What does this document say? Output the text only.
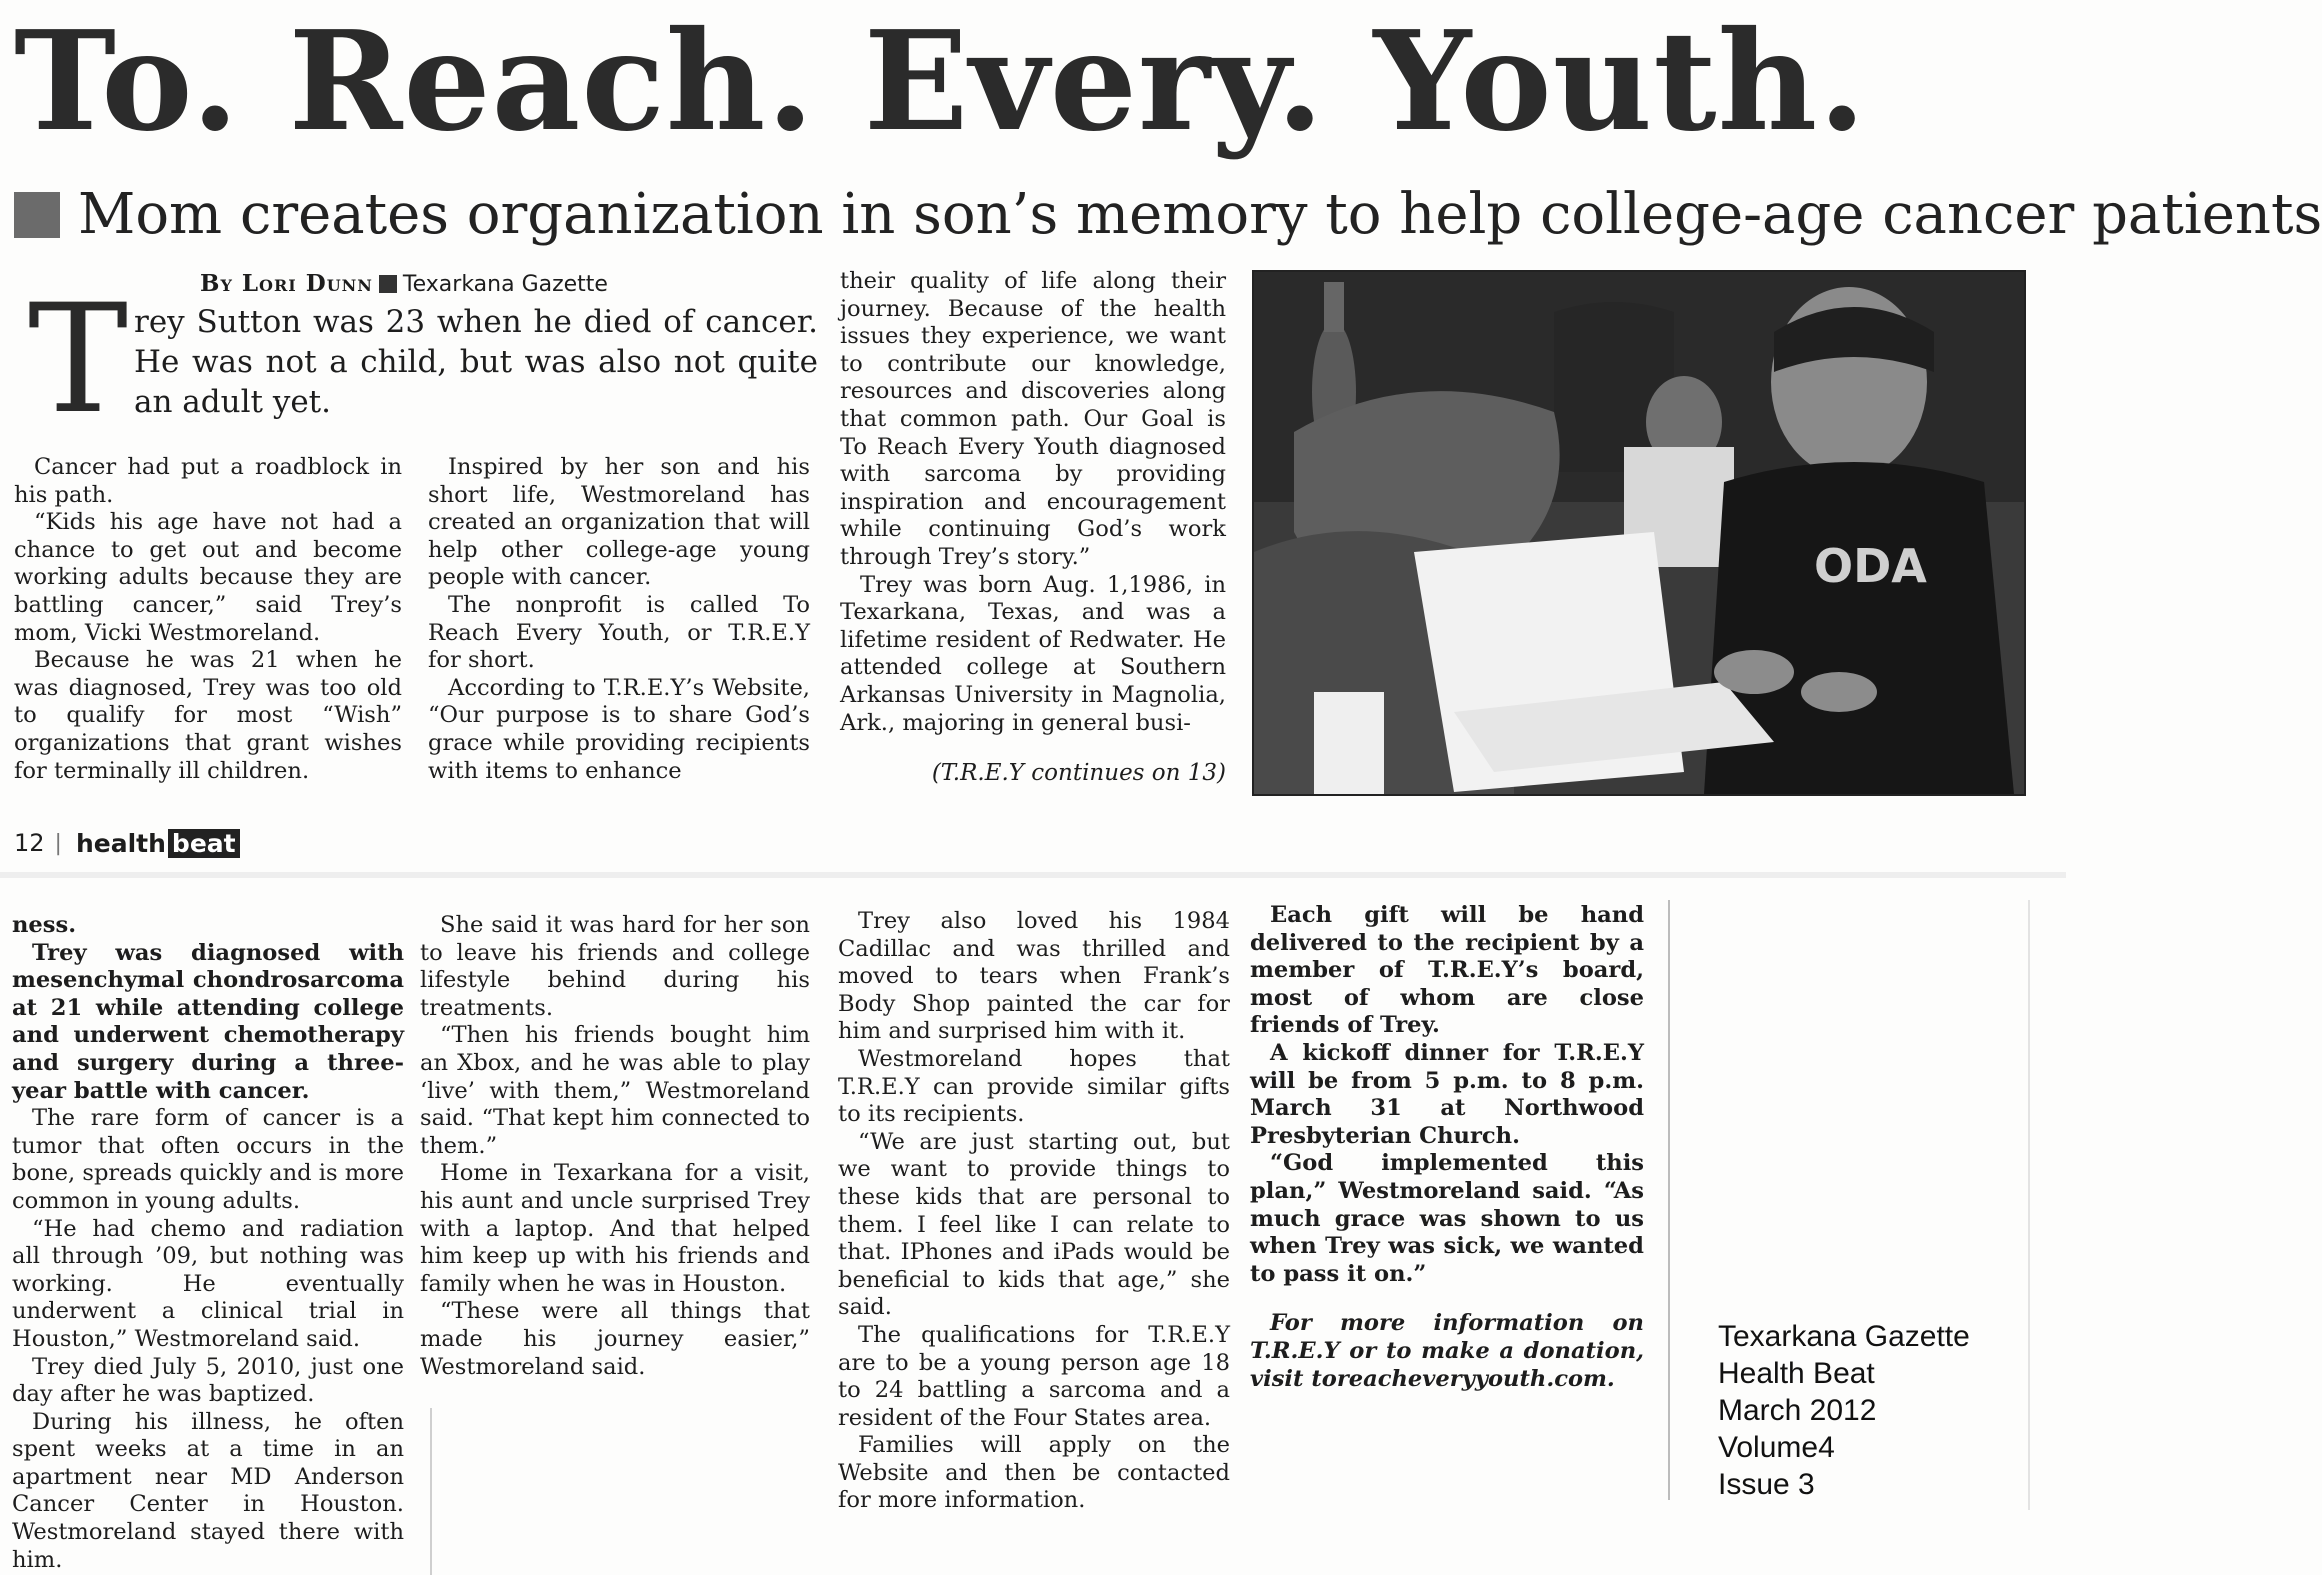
To. Reach. Every. Youth.
Mom creates organization in son’s memory to help college-age cancer patients
By Lori Dunn Texarkana Gazette
T rey Sutton was 23 when he died of cancer.
He was not a child, but was also not quite
an adult yet.

Cancer had put a roadblock in his path.

“Kids his age have not had a chance to get out and become working adults because they are battling cancer,” said Trey’s mom, Vicki Westmoreland.

Because he was 21 when he was diagnosed, Trey was too old to qualify for most “Wish” organizations that grant wishes for terminally ill children.

Inspired by her son and his short life, Westmoreland has created an organization that will help other college-age young people with cancer.

The nonprofit is called To Reach Every Youth, or T.R.E.Y for short.

According to T.R.E.Y’s Website, “Our purpose is to share God’s grace while providing recipients with items to enhance

their quality of life along their journey. Because of the health issues they experience, we want to contribute our knowledge, resources and discoveries along that common path. Our Goal is To Reach Every Youth diagnosed with sarcoma by providing inspiration and encouragement while continuing God’s work through Trey’s story.”

Trey was born Aug. 1,1986, in Texarkana, Texas, and was a lifetime resident of Redwater. He attended college at Southern Arkansas University in Magnolia, Ark., majoring in general busi-

(T.R.E.Y continues on 13)
ODA
12 | health beat

ness.

Trey was diagnosed with mesenchymal chondrosarcoma at 21 while attending college and underwent chemotherapy and surgery during a three-year battle with cancer.

The rare form of cancer is a tumor that often occurs in the bone, spreads quickly and is more common in young adults.

“He had chemo and radiation all through ’09, but nothing was working. He eventually underwent a clinical trial in Houston,” Westmoreland said.

Trey died July 5, 2010, just one day after he was baptized.

During his illness, he often spent weeks at a time in an apartment near MD Anderson Cancer Center in Houston. Westmoreland stayed there with him.

She said it was hard for her son to leave his friends and college lifestyle behind during his treatments.

“Then his friends bought him an Xbox, and he was able to play ‘live’ with them,” Westmoreland said. “That kept him connected to them.”

Home in Texarkana for a visit, his aunt and uncle surprised Trey with a laptop. And that helped him keep up with his friends and family when he was in Houston.

“These were all things that made his journey easier,” Westmoreland said.

Trey also loved his 1984 Cadillac and was thrilled and moved to tears when Frank’s Body Shop painted the car for him and surprised him with it.

Westmoreland hopes that T.R.E.Y can provide similar gifts to its recipients.

“We are just starting out, but we want to provide things to these kids that are personal to them. I feel like I can relate to that. IPhones and iPads would be beneficial to kids that age,” she said.

The qualifications for T.R.E.Y are to be a young person age 18 to 24 battling a sarcoma and a resident of the Four States area.

Families will apply on the Website and then be contacted for more information.

Each gift will be hand delivered to the recipient by a member of T.R.E.Y’s board, most of whom are close friends of Trey.

A kickoff dinner for T.R.E.Y will be from 5 p.m. to 8 p.m. March 31 at Northwood Presbyterian Church.

“God implemented this plan,” Westmoreland said. “As much grace was shown to us when Trey was sick, we wanted to pass it on.”

For more information on T.R.E.Y or to make a donation, visit toreacheveryyouth.com.

Texarkana Gazette
Health Beat
March 2012
Volume4
Issue 3
